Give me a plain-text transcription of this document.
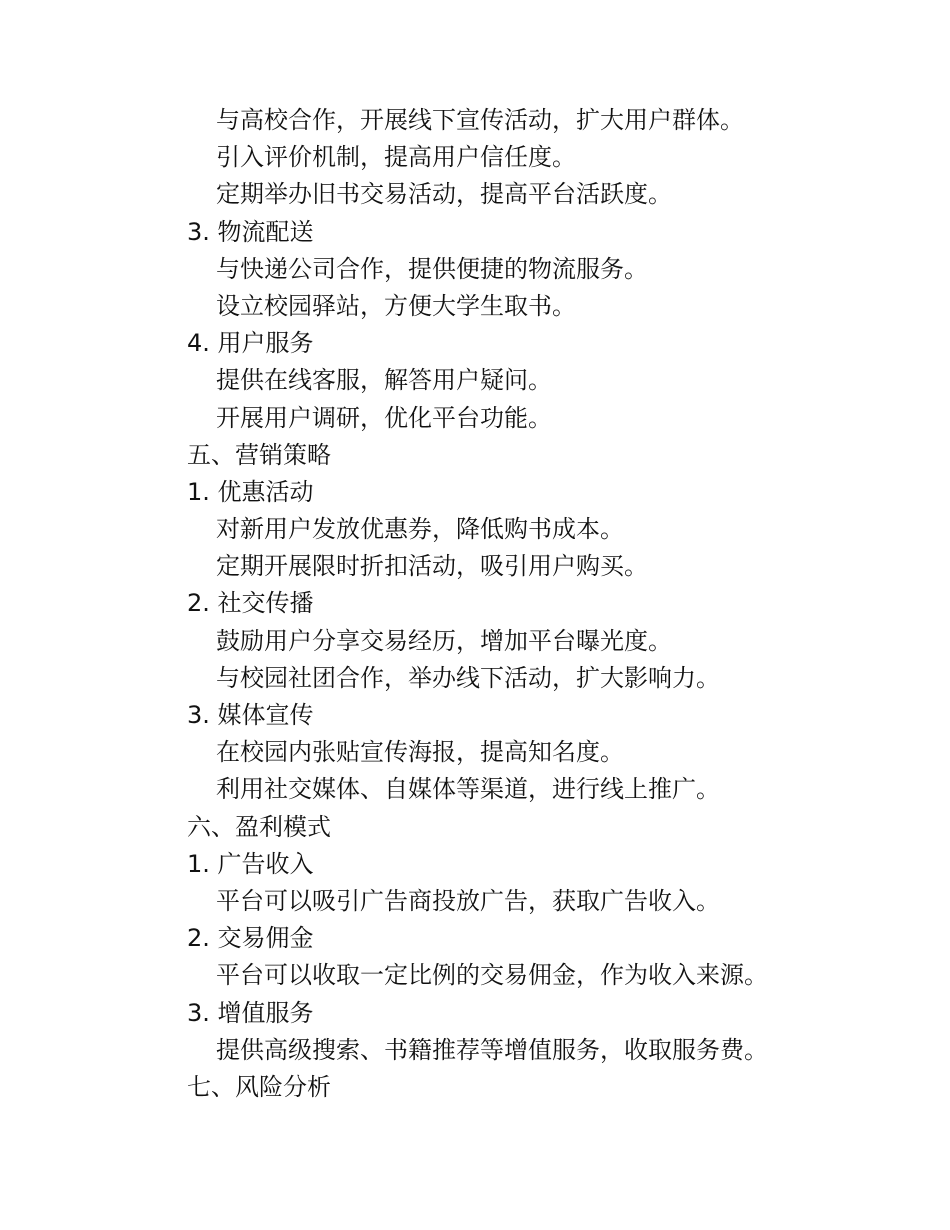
与高校合作，开展线下宣传活动，扩大用户群体。
引入评价机制，提高用户信任度。
定期举办旧书交易活动，提高平台活跃度。
3. 物流配送
与快递公司合作，提供便捷的物流服务。
设立校园驿站，方便大学生取书。
4. 用户服务
提供在线客服，解答用户疑问。
开展用户调研，优化平台功能。
五、营销策略
1. 优惠活动
对新用户发放优惠券，降低购书成本。
定期开展限时折扣活动，吸引用户购买。
2. 社交传播
鼓励用户分享交易经历，增加平台曝光度。
与校园社团合作，举办线下活动，扩大影响力。
3. 媒体宣传
在校园内张贴宣传海报，提高知名度。
利用社交媒体、自媒体等渠道，进行线上推广。
六、盈利模式
1. 广告收入
平台可以吸引广告商投放广告，获取广告收入。
2. 交易佣金
平台可以收取一定比例的交易佣金，作为收入来源。
3. 增值服务
提供高级搜索、书籍推荐等增值服务，收取服务费。
七、风险分析
